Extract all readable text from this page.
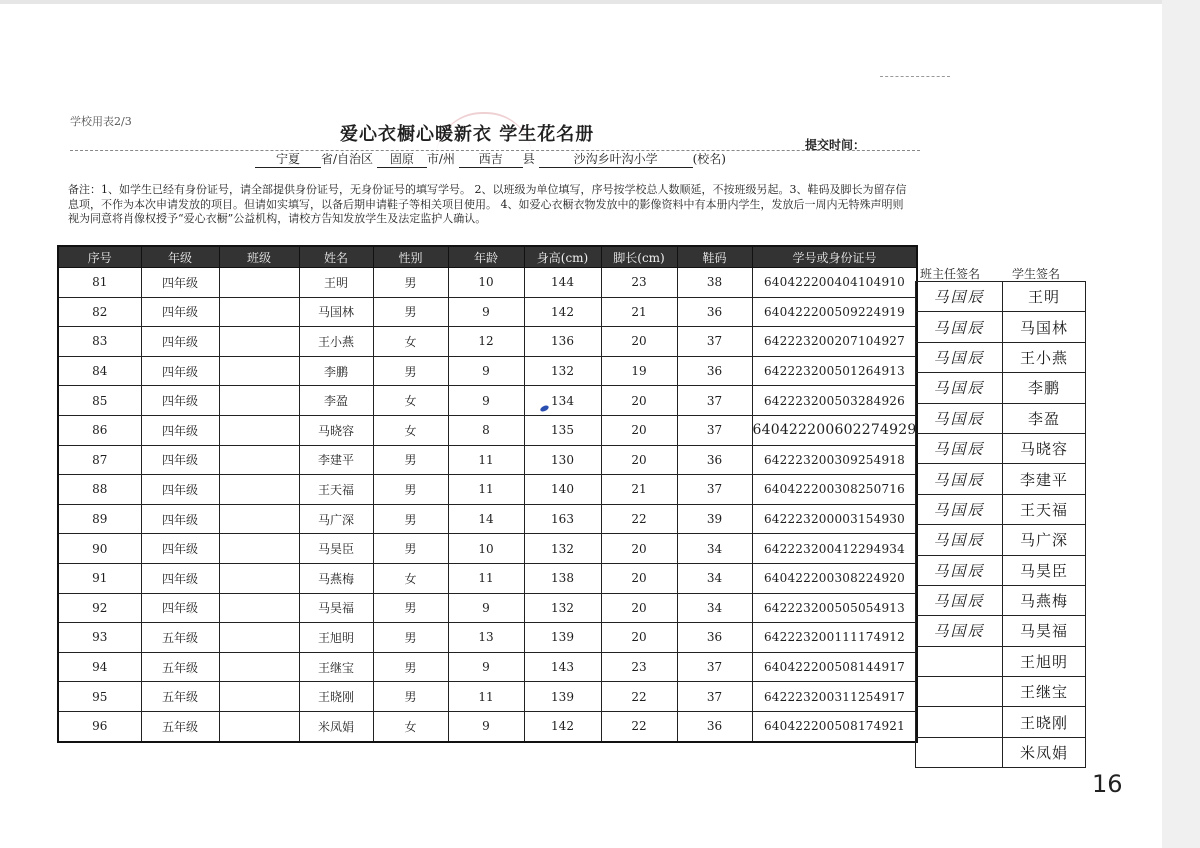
学校用表2/3
爱心衣橱心暖新衣 学生花名册	提交时间：
宁夏 省/自治区 固原 市/州 西吉 县	沙沟乡叶沟小学	(校名)
备注：1、如学生已经有身份证号，请全部提供身份证号，无身份证号的填写学号。 2、以班级为单位填写，序号按学校总人数顺延，不按班级另起。3、鞋码及脚长为留存信息项，不作为本次申请发放的项目。但请如实填写，以备后期申请鞋子等相关项目使用。 4、如爱心衣橱衣物发放中的影像资料中有本册内学生，发放后一周内无特殊声明则视为同意将肖像权授予“爱心衣橱”公益机构，请校方告知发放学生及法定监护人确认。
序号	年级	班级	姓名	性别	年龄	身高(cm)	脚长(cm)	鞋码	学号或身份证号
81	四年级		王明	男	10	144	23	38	640422200404104910
82	四年级		马国林	男	9	142	21	36	640422200509224919
83	四年级		王小燕	女	12	136	20	37	642223200207104927
84	四年级		李鹏	男	9	132	19	36	642223200501264913
85	四年级		李盈	女	9	134	20	37	642223200503284926
86	四年级		马晓容	女	8	135	20	37	640422200602274929
87	四年级		李建平	男	11	130	20	36	642223200309254918
88	四年级		王天福	男	11	140	21	37	640422200308250716
89	四年级		马广深	男	14	163	22	39	642223200003154930
90	四年级		马昊臣	男	10	132	20	34	642223200412294934
91	四年级		马燕梅	女	11	138	20	34	640422200308224920
92	四年级		马昊福	男	9	132	20	34	642223200505054913
93	五年级		王旭明	男	13	139	20	36	642223200111174912
94	五年级		王继宝	男	9	143	23	37	640422200508144917
95	五年级		王晓刚	男	11	139	22	37	642223200311254917
96	五年级		米凤娟	女	9	142	22	36	640422200508174921
班主任签名	学生签名
马国辰	王明
马国辰	马国林
马国辰	王小燕
马国辰	李鹏
马国辰	李盈
马国辰	马晓容
马国辰	李建平
马国辰	王天福
马国辰	马广深
马国辰	马昊臣
马国辰	马燕梅
马国辰	马昊福
	王旭明
	王继宝
	王晓刚
	米凤娟
16
